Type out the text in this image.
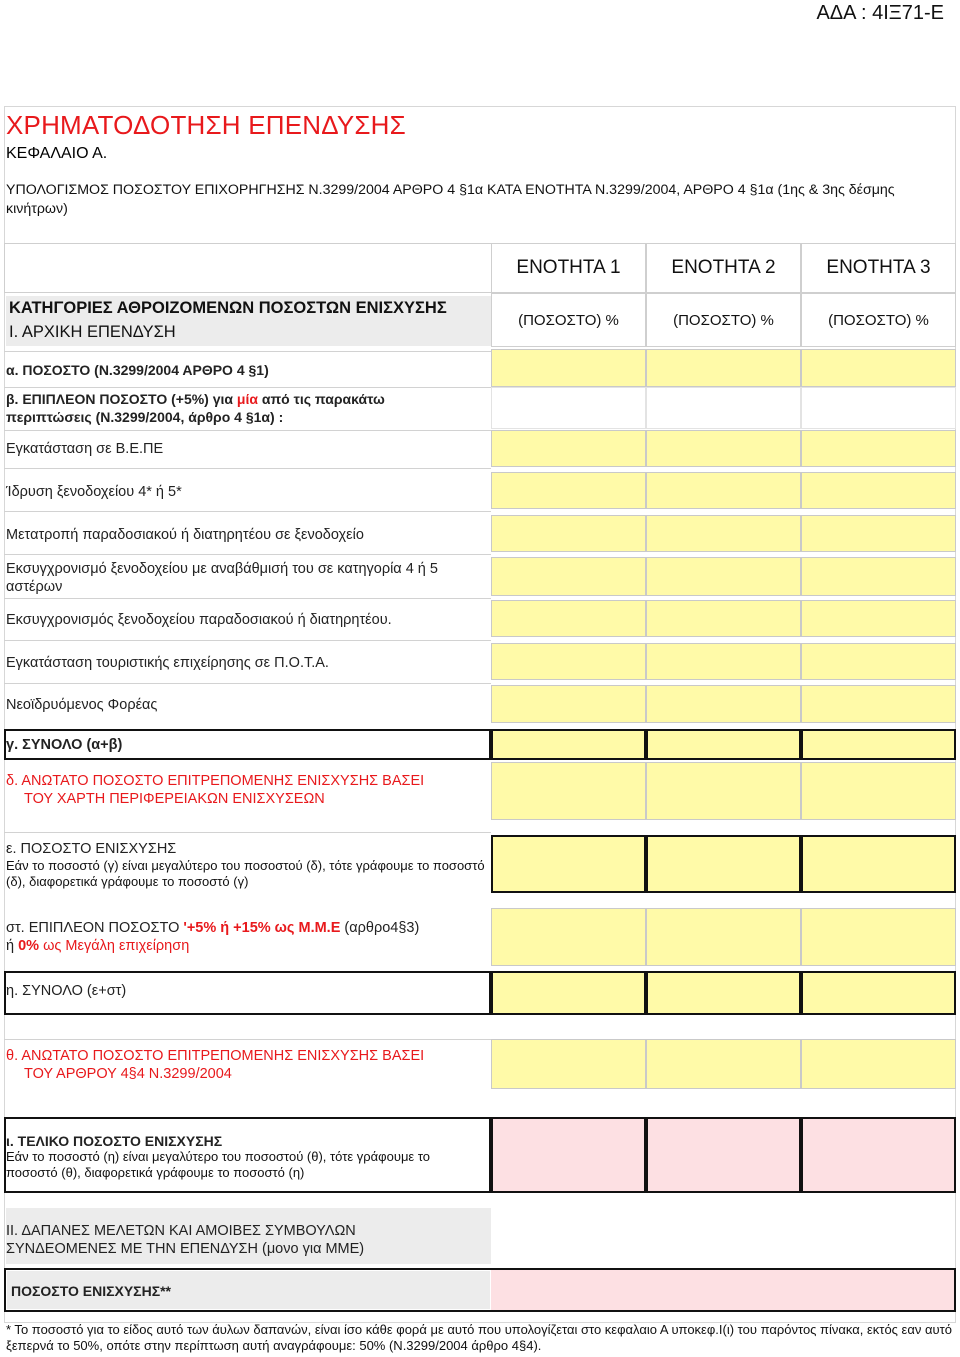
ΑΔΑ : 4ΙΞ71-Ε
ΧΡΗΜΑΤΟΔΟΤΗΣΗ ΕΠΕΝΔΥΣΗΣ
ΚΕΦΑΛΑΙΟ Α.
ΥΠΟΛΟΓΙΣΜΟΣ ΠΟΣΟΣΤΟΥ ΕΠΙΧΟΡΗΓΗΣΗΣ Ν.3299/2004 ΑΡΘΡΟ 4 §1α ΚΑΤΑ ΕΝΟΤΗΤΑ Ν.3299/2004, ΑΡΘΡΟ 4 §1α (1ης & 3ης δέσμης κινήτρων)
ΕΝΟΤΗΤΑ 1	ΕΝΟΤΗΤΑ 2	ΕΝΟΤΗΤΑ 3
ΚΑΤΗΓΟΡΙΕΣ ΑΘΡΟΙΖΟΜΕΝΩΝ ΠΟΣΟΣΤΩΝ ΕΝΙΣΧΥΣΗΣ
Ι. ΑΡΧΙΚΗ ΕΠΕΝΔΥΣΗ
(ΠΟΣΟΣΤΟ) %	(ΠΟΣΟΣΤΟ) %	(ΠΟΣΟΣΤΟ) %
α. ΠΟΣΟΣΤΟ (Ν.3299/2004 ΑΡΘΡΟ 4 §1)
β. ΕΠΙΠΛΕΟΝ ΠΟΣΟΣΤΟ (+5%) για μία από τις παρακάτω
περιπτώσεις (Ν.3299/2004, άρθρο 4 §1α) :
Εγκατάσταση σε Β.Ε.ΠΕ
Ίδρυση ξενοδοχείου 4* ή 5*
Μετατροπή παραδοσιακού ή διατηρητέου σε ξενοδοχείο
Εκσυγχρονισμό ξενοδοχείου με αναβάθμισή του σε κατηγορία 4 ή 5 αστέρων
Εκσυγχρονισμός ξενοδοχείου παραδοσιακού ή διατηρητέου.
Εγκατάσταση τουριστικής επιχείρησης σε Π.Ο.Τ.Α.
Νεοϊδρυόμενος Φορέας
γ. ΣΥΝΟΛΟ (α+β)
δ. ΑΝΩΤΑΤΟ ΠΟΣΟΣΤΟ ΕΠΙΤΡΕΠΟΜΕΝΗΣ ΕΝΙΣΧΥΣΗΣ ΒΑΣΕΙ
ΤΟΥ ΧΑΡΤΗ ΠΕΡΙΦΕΡΕΙΑΚΩΝ ΕΝΙΣΧΥΣΕΩΝ
ε. ΠΟΣΟΣΤΟ ΕΝΙΣΧΥΣΗΣ
Εάν το ποσοστό (γ) είναι μεγαλύτερο του ποσοστού (δ), τότε γράφουμε το ποσοστό (δ), διαφορετικά γράφουμε το ποσοστό (γ)
στ. ΕΠΙΠΛΕΟΝ ΠΟΣΟΣΤΟ '+5% ή +15% ως Μ.Μ.Ε (αρθρο4§3)
ή 0% ως Μεγάλη επιχείρηση
η. ΣΥΝΟΛΟ (ε+στ)
θ. ΑΝΩΤΑΤΟ ΠΟΣΟΣΤΟ ΕΠΙΤΡΕΠΟΜΕΝΗΣ ΕΝΙΣΧΥΣΗΣ ΒΑΣΕΙ
ΤΟΥ ΑΡΘΡΟΥ 4§4 Ν.3299/2004
ι. ΤΕΛΙΚΟ ΠΟΣΟΣΤΟ ΕΝΙΣΧΥΣΗΣ
Εάν το ποσοστό (η) είναι μεγαλύτερο του ποσοστού (θ), τότε γράφουμε το ποσοστό (θ), διαφορετικά γράφουμε το ποσοστό (η)
ΙΙ. ΔΑΠΑΝΕΣ ΜΕΛΕΤΩΝ ΚΑΙ ΑΜΟΙΒΕΣ ΣΥΜΒΟΥΛΩΝ
ΣΥΝΔΕΟΜΕΝΕΣ ΜΕ ΤΗΝ ΕΠΕΝΔΥΣΗ (μονο για ΜΜΕ)
ΠΟΣΟΣΤΟ ΕΝΙΣΧΥΣΗΣ**
* Το ποσοστό για το είδος αυτό των άυλων δαπανών, είναι ίσο κάθε φορά με αυτό που υπολογίζεται στο κεφαλαιο Α υποκεφ.Ι(ι) του παρόντος πίνακα, εκτός εαν αυτό ξεπερνά το 50%, οπότε στην περίπτωση αυτή αναγράφουμε: 50% (Ν.3299/2004 άρθρο 4§4).
